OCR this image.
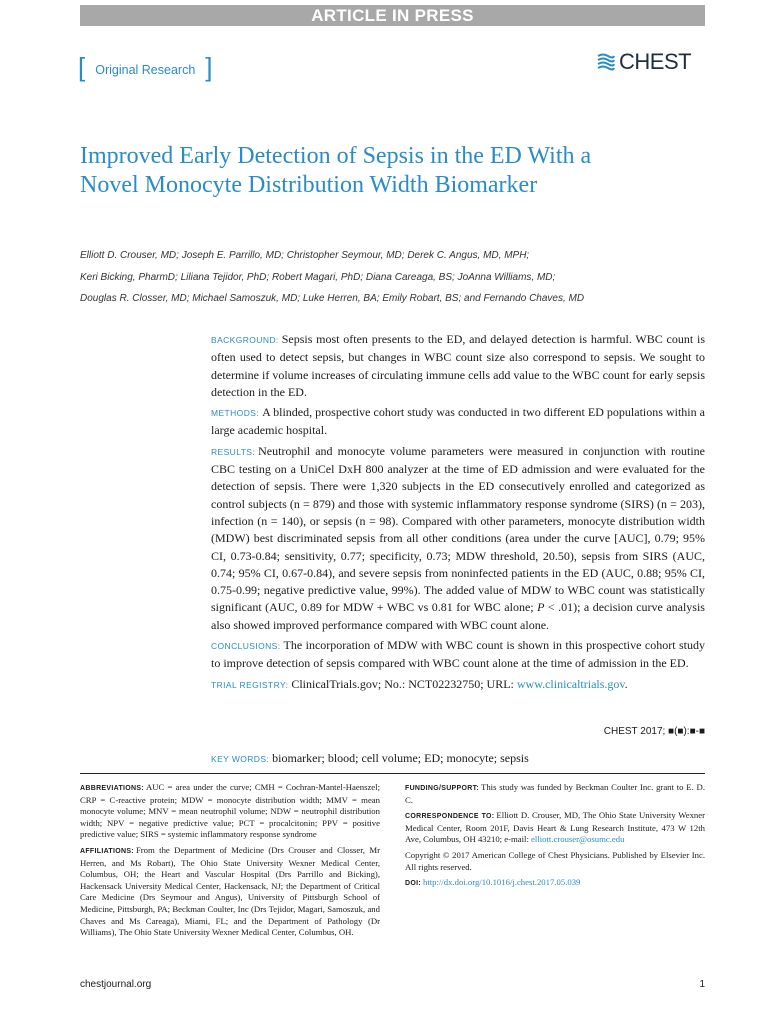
ARTICLE IN PRESS
[ Original Research ]	CHEST
Improved Early Detection of Sepsis in the ED With a Novel Monocyte Distribution Width Biomarker
Elliott D. Crouser, MD; Joseph E. Parrillo, MD; Christopher Seymour, MD; Derek C. Angus, MD, MPH;
Keri Bicking, PharmD; Liliana Tejidor, PhD; Robert Magari, PhD; Diana Careaga, BS; JoAnna Williams, MD;
Douglas R. Closser, MD; Michael Samoszuk, MD; Luke Herren, BA; Emily Robart, BS; and Fernando Chaves, MD

BACKGROUND: Sepsis most often presents to the ED, and delayed detection is harmful. WBC count is often used to detect sepsis, but changes in WBC count size also correspond to sepsis. We sought to determine if volume increases of circulating immune cells add value to the WBC count for early sepsis detection in the ED.

METHODS: A blinded, prospective cohort study was conducted in two different ED populations within a large academic hospital.

RESULTS: Neutrophil and monocyte volume parameters were measured in conjunction with routine CBC testing on a UniCel DxH 800 analyzer at the time of ED admission and were evaluated for the detection of sepsis. There were 1,320 subjects in the ED consecutively enrolled and categorized as control subjects (n = 879) and those with systemic inflammatory response syndrome (SIRS) (n = 203), infection (n = 140), or sepsis (n = 98). Compared with other parameters, monocyte distribution width (MDW) best discriminated sepsis from all other conditions (area under the curve [AUC], 0.79; 95% CI, 0.73-0.84; sensitivity, 0.77; specificity, 0.73; MDW threshold, 20.50), sepsis from SIRS (AUC, 0.74; 95% CI, 0.67-0.84), and severe sepsis from noninfected patients in the ED (AUC, 0.88; 95% CI, 0.75-0.99; negative predictive value, 99%). The added value of MDW to WBC count was statistically significant (AUC, 0.89 for MDW + WBC vs 0.81 for WBC alone; P < .01); a decision curve analysis also showed improved performance compared with WBC count alone.

CONCLUSIONS: The incorporation of MDW with WBC count is shown in this prospective cohort study to improve detection of sepsis compared with WBC count alone at the time of admission in the ED.

TRIAL REGISTRY: ClinicalTrials.gov; No.: NCT02232750; URL: www.clinicaltrials.gov.

CHEST 2017; ■(■):■-■
KEY WORDS: biomarker; blood; cell volume; ED; monocyte; sepsis

ABBREVIATIONS: AUC = area under the curve; CMH = Cochran-Mantel-Haenszel; CRP = C-reactive protein; MDW = monocyte distribution width; MMV = mean monocyte volume; MNV = mean neutrophil volume; NDW = neutrophil distribution width; NPV = negative predictive value; PCT = procalcitonin; PPV = positive predictive value; SIRS = systemic inflammatory response syndrome

AFFILIATIONS: From the Department of Medicine (Drs Crouser and Closser, Mr Herren, and Ms Robart), The Ohio State University Wexner Medical Center, Columbus, OH; the Heart and Vascular Hospital (Drs Parrillo and Bicking), Hackensack University Medical Center, Hackensack, NJ; the Department of Critical Care Medicine (Drs Seymour and Angus), University of Pittsburgh School of Medicine, Pittsburgh, PA; Beckman Coulter, Inc (Drs Tejidor, Magari, Samoszuk, and Chaves and Ms Careaga), Miami, FL; and the Department of Pathology (Dr Williams), The Ohio State University Wexner Medical Center, Columbus, OH.

FUNDING/SUPPORT: This study was funded by Beckman Coulter Inc. grant to E. D. C.

CORRESPONDENCE TO: Elliott D. Crouser, MD, The Ohio State University Wexner Medical Center, Room 201F, Davis Heart & Lung Research Institute, 473 W 12th Ave, Columbus, OH 43210; e-mail: elliott.crouser@osumc.edu

Copyright © 2017 American College of Chest Physicians. Published by Elsevier Inc. All rights reserved.

DOI: http://dx.doi.org/10.1016/j.chest.2017.05.039

chestjournal.org	1
